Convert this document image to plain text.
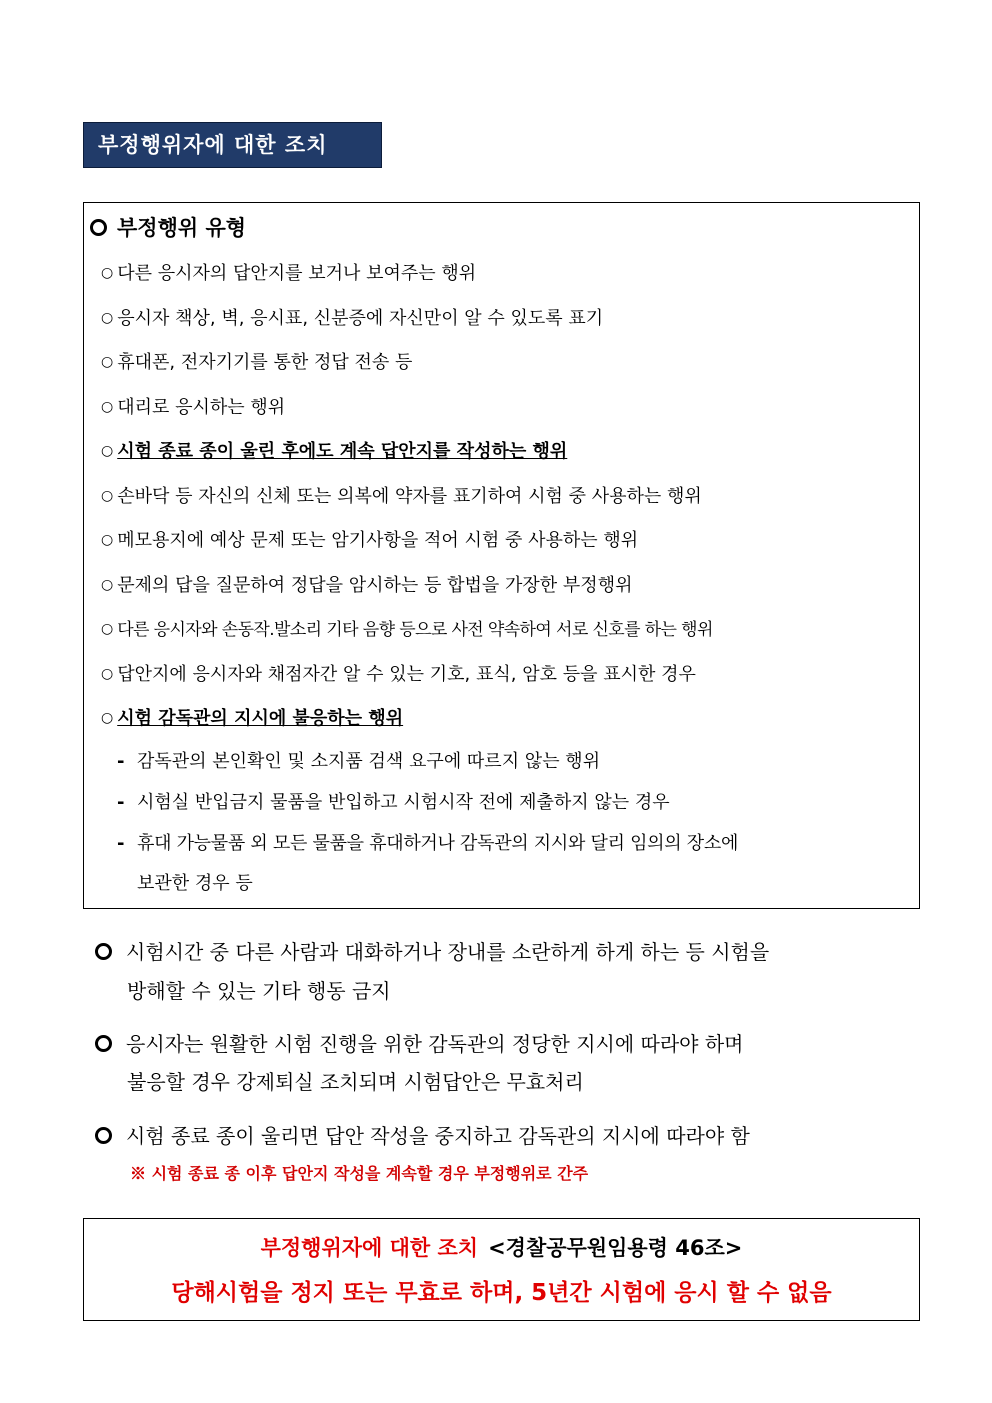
부정행위자에 대한 조치
부정행위 유형
○ 다른 응시자의 답안지를 보거나 보여주는 행위
○ 응시자 책상, 벽, 응시표, 신분증에 자신만이 알 수 있도록 표기
○ 휴대폰, 전자기기를 통한 정답 전송 등
○ 대리로 응시하는 행위
○ 시험 종료 종이 울린 후에도 계속 답안지를 작성하는 행위
○ 손바닥 등 자신의 신체 또는 의복에 약자를 표기하여 시험 중 사용하는 행위
○ 메모용지에 예상 문제 또는 암기사항을 적어 시험 중 사용하는 행위
○ 문제의 답을 질문하여 정답을 암시하는 등 합법을 가장한 부정행위
○ 다른 응시자와 손동작.발소리 기타 음향 등으로 사전 약속하여 서로 신호를 하는 행위
○ 답안지에 응시자와 채점자간 알 수 있는 기호, 표식, 암호 등을 표시한 경우
○ 시험 감독관의 지시에 불응하는 행위
- 감독관의 본인확인 및 소지품 검색 요구에 따르지 않는 행위
- 시험실 반입금지 물품을 반입하고 시험시작 전에 제출하지 않는 경우
- 휴대 가능물품 외 모든 물품을 휴대하거나 감독관의 지시와 달리 임의의 장소에
보관한 경우 등
시험시간 중 다른 사람과 대화하거나 장내를 소란하게 하게 하는 등 시험을
방해할 수 있는 기타 행동 금지
응시자는 원활한 시험 진행을 위한 감독관의 정당한 지시에 따라야 하며
불응할 경우 강제퇴실 조치되며 시험답안은 무효처리
시험 종료 종이 울리면 답안 작성을 중지하고 감독관의 지시에 따라야 함
※ 시험 종료 종 이후 답안지 작성을 계속할 경우 부정행위로 간주
부정행위자에 대한 조치 <경찰공무원임용령 46조>
당해시험을 정지 또는 무효로 하며, 5년간 시험에 응시 할 수 없음
